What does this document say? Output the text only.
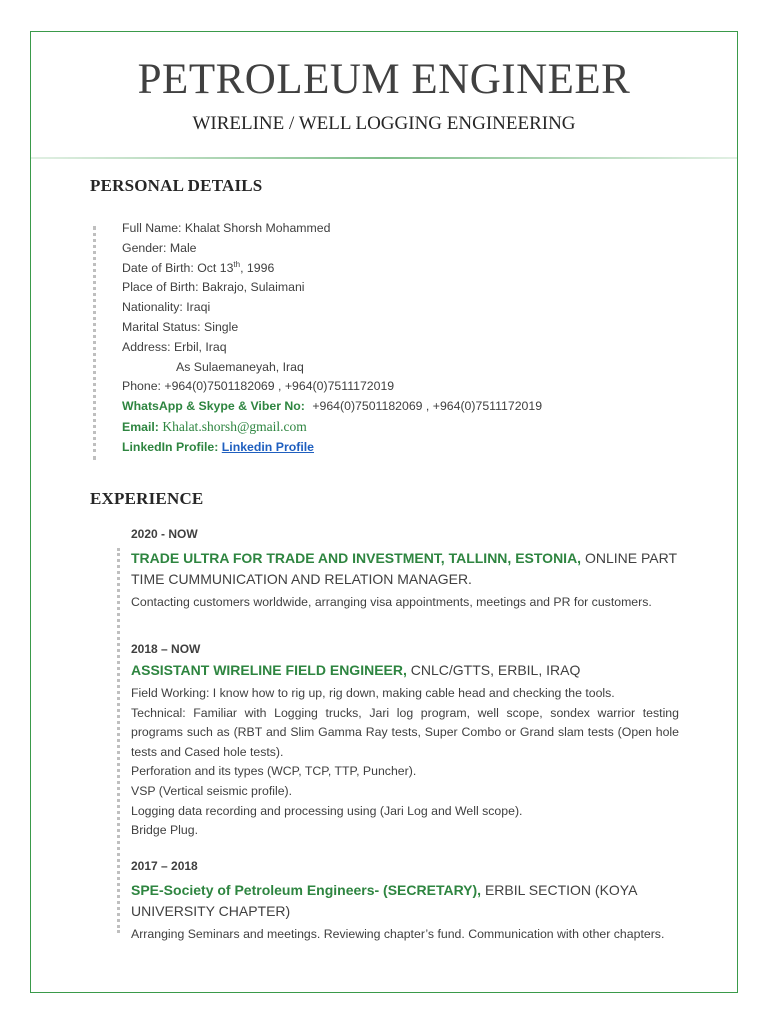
PETROLEUM ENGINEER
WIRELINE / WELL LOGGING ENGINEERING
PERSONAL DETAILS
Full Name: Khalat Shorsh Mohammed
Gender: Male
Date of Birth: Oct 13th, 1996
Place of Birth: Bakrajo, Sulaimani
Nationality: Iraqi
Marital Status: Single
Address: Erbil, Iraq
As Sulaemaneyah, Iraq
Phone: +964(0)7501182069 , +964(0)7511172019
WhatsApp & Skype & Viber No: +964(0)7501182069 , +964(0)7511172019
Email: Khalat.shorsh@gmail.com
LinkedIn Profile: Linkedin Profile
EXPERIENCE
2020 - NOW
TRADE ULTRA FOR TRADE AND INVESTMENT, TALLINN, ESTONIA, ONLINE PART TIME CUMMUNICATION AND RELATION MANAGER.
Contacting customers worldwide, arranging visa appointments, meetings and PR for customers.
2018 – NOW
ASSISTANT WIRELINE FIELD ENGINEER, CNLC/GTTS, ERBIL, IRAQ
Field Working: I know how to rig up, rig down, making cable head and checking the tools.
Technical: Familiar with Logging trucks, Jari log program, well scope, sondex warrior testing programs such as (RBT and Slim Gamma Ray tests, Super Combo or Grand slam tests (Open hole tests and Cased hole tests).
Perforation and its types (WCP, TCP, TTP, Puncher).
VSP (Vertical seismic profile).
Logging data recording and processing using (Jari Log and Well scope).
Bridge Plug.
2017 – 2018
SPE-Society of Petroleum Engineers- (SECRETARY), ERBIL SECTION (KOYA UNIVERSITY CHAPTER)
Arranging Seminars and meetings. Reviewing chapter’s fund. Communication with other chapters.
